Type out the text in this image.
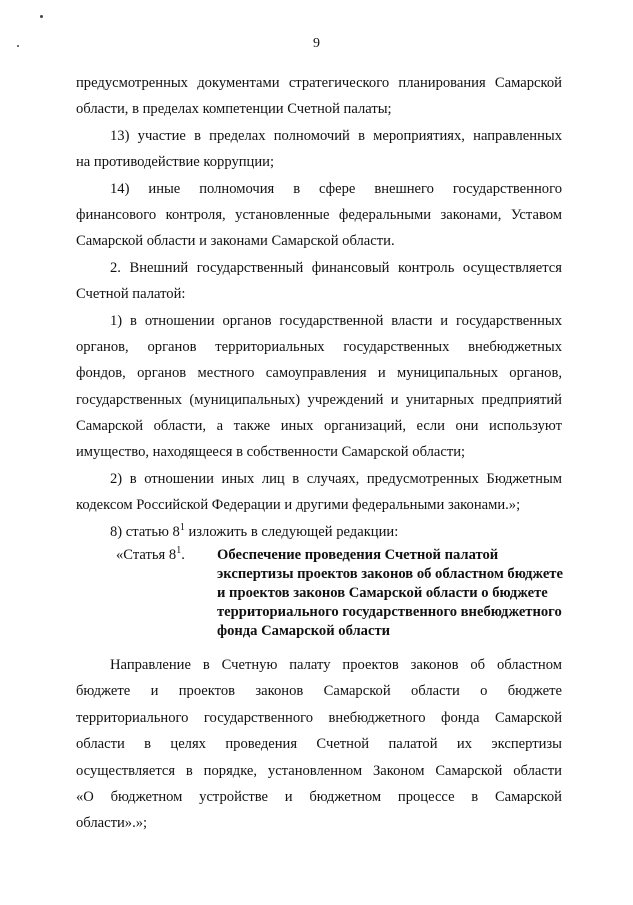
9
предусмотренных документами стратегического планирования Самарской
области, в пределах компетенции Счетной палаты;
13) участие в пределах полномочий в мероприятиях, направленных
на противодействие коррупции;
14) иные полномочия в сфере внешнего государственного
финансового контроля, установленные федеральными законами, Уставом
Самарской области и законами Самарской области.
2. Внешний государственный финансовый контроль осуществляется
Счетной палатой:
1) в отношении органов государственной власти и государственных
органов, органов территориальных государственных внебюджетных
фондов, органов местного самоуправления и муниципальных органов,
государственных (муниципальных) учреждений и унитарных предприятий
Самарской области, а также иных организаций, если они используют
имущество, находящееся в собственности Самарской области;
2) в отношении иных лиц в случаях, предусмотренных Бюджетным
кодексом Российской Федерации и другими федеральными законами.»;
8) статью $8^1$ изложить в следующей редакции:
«Статья $8^1$.	Обеспечение проведения Счетной палатой
экспертизы проектов законов об областном бюджете
и проектов законов Самарской области о бюджете
территориального государственного внебюджетного
фонда Самарской области
Направление в Счетную палату проектов законов об областном
бюджете и проектов законов Самарской области о бюджете
территориального государственного внебюджетного фонда Самарской
области в целях проведения Счетной палатой их экспертизы
осуществляется в порядке, установленном Законом Самарской области
«О бюджетном устройстве и бюджетном процессе в Самарской
области».»;
